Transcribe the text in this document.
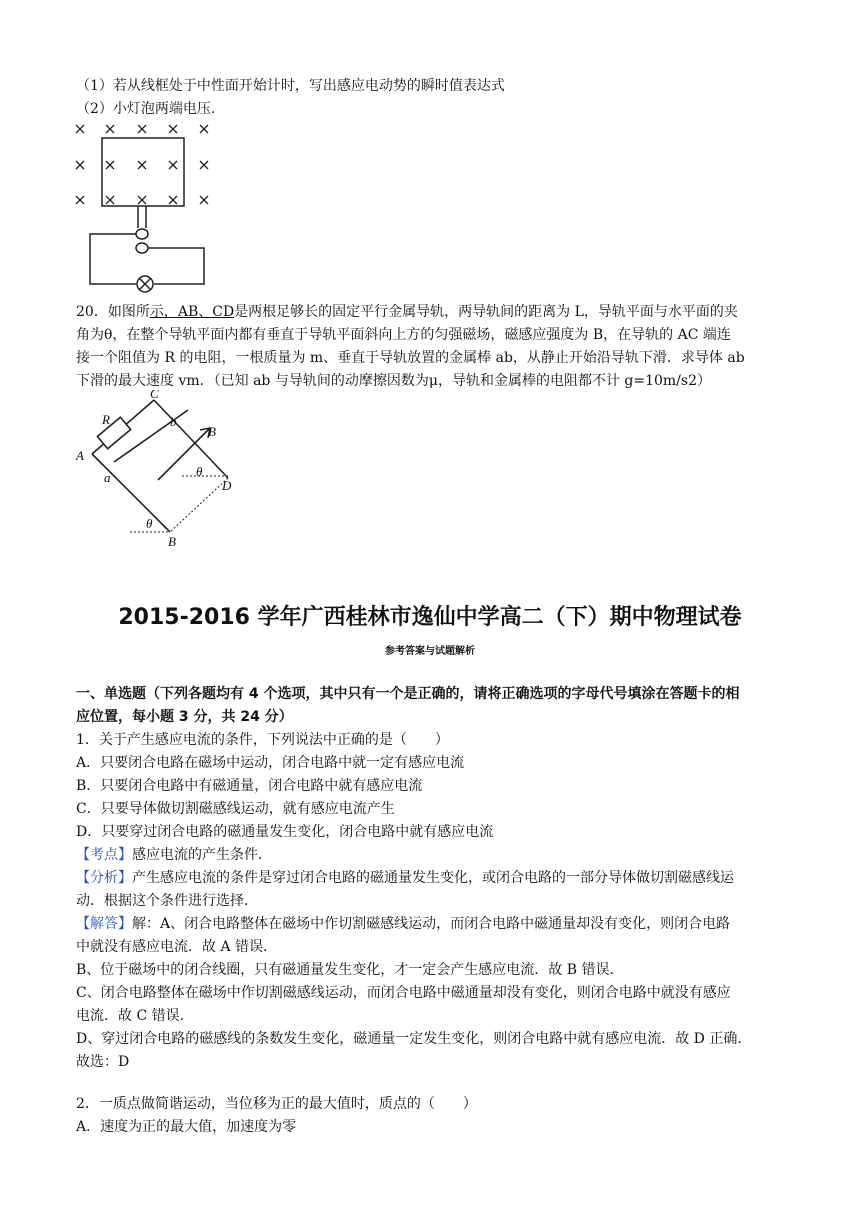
（1）若从线框处于中性面开始计时，写出感应电动势的瞬时值表达式
（2）小灯泡两端电压.
20．如图所示，AB、CD是两根足够长的固定平行金属导轨，两导轨间的距离为 L，导轨平面与水平面的夹
角为θ，在整个导轨平面内都有垂直于导轨平面斜向上方的匀强磁场，磁感应强度为 B，在导轨的 AC 端连
接一个阻值为 R 的电阻，一根质量为 m、垂直于导轨放置的金属棒 ab，从静止开始沿导轨下滑．求导体 ab
下滑的最大速度 vm．（已知 ab 与导轨间的动摩擦因数为μ，导轨和金属棒的电阻都不计 g=10m/s2）
C
R	b
B
A
a	θ
D
θ
B
2015-2016 学年广西桂林市逸仙中学高二（下）期中物理试卷
参考答案与试题解析
一、单选题（下列各题均有 4 个选项，其中只有一个是正确的，请将正确选项的字母代号填涂在答题卡的相
应位置，每小题 3 分，共 24 分）
1．关于产生感应电流的条件，下列说法中正确的是（　　）
A．只要闭合电路在磁场中运动，闭合电路中就一定有感应电流
B．只要闭合电路中有磁通量，闭合电路中就有感应电流
C．只要导体做切割磁感线运动，就有感应电流产生
D．只要穿过闭合电路的磁通量发生变化，闭合电路中就有感应电流
【考点】感应电流的产生条件．
【分析】产生感应电流的条件是穿过闭合电路的磁通量发生变化，或闭合电路的一部分导体做切割磁感线运
动．根据这个条件进行选择．
【解答】解：A、闭合电路整体在磁场中作切割磁感线运动，而闭合电路中磁通量却没有变化，则闭合电路
中就没有感应电流．故 A 错误．
B、位于磁场中的闭合线圈，只有磁通量发生变化，才一定会产生感应电流．故 B 错误．
C、闭合电路整体在磁场中作切割磁感线运动，而闭合电路中磁通量却没有变化，则闭合电路中就没有感应
电流．故 C 错误．
D、穿过闭合电路的磁感线的条数发生变化，磁通量一定发生变化，则闭合电路中就有感应电流．故 D 正确．
故选：D
2．一质点做简谐运动，当位移为正的最大值时，质点的（　　）
A．速度为正的最大值，加速度为零
